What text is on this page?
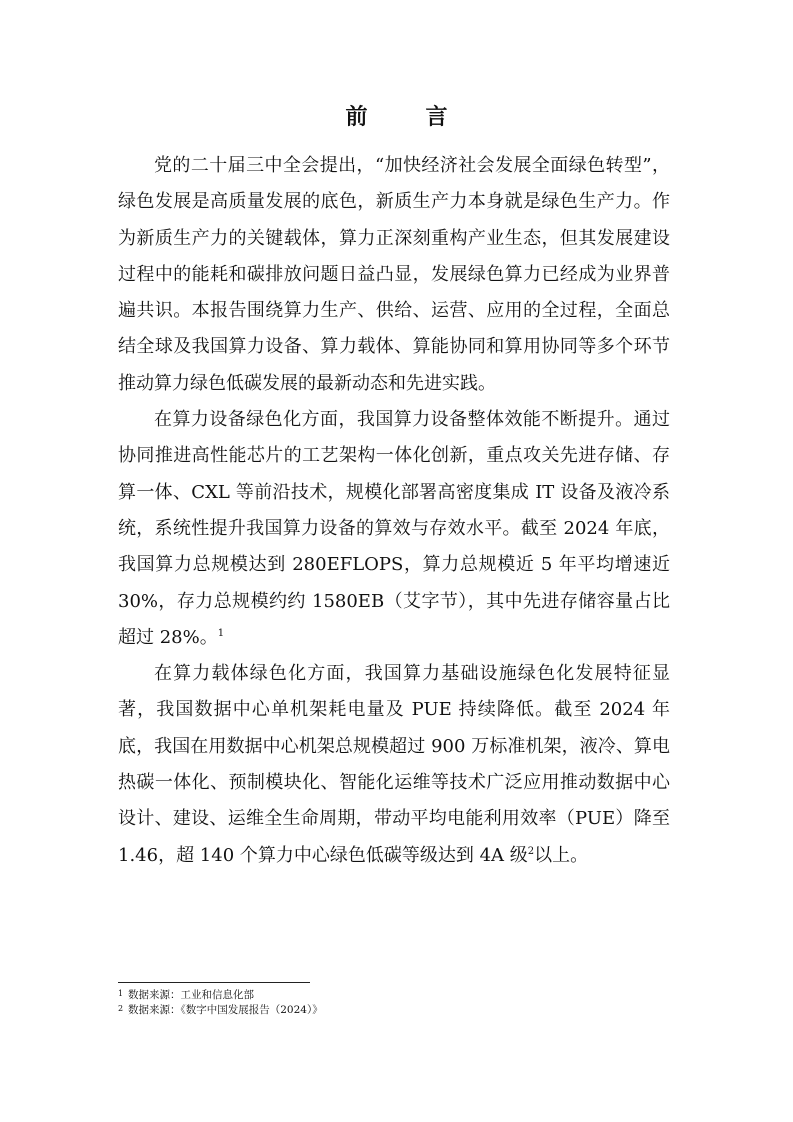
前　言

党的二十届三中全会提出，“加快经济社会发展全面绿色转型”，绿色发展是高质量发展的底色，新质生产力本身就是绿色生产力。作为新质生产力的关键载体，算力正深刻重构产业生态，但其发展建设过程中的能耗和碳排放问题日益凸显，发展绿色算力已经成为业界普遍共识。本报告围绕算力生产、供给、运营、应用的全过程，全面总结全球及我国算力设备、算力载体、算能协同和算用协同等多个环节推动算力绿色低碳发展的最新动态和先进实践。

在算力设备绿色化方面，我国算力设备整体效能不断提升。通过协同推进高性能芯片的工艺架构一体化创新，重点攻关先进存储、存算一体、CXL 等前沿技术，规模化部署高密度集成 IT 设备及液冷系统，系统性提升我国算力设备的算效与存效水平。截至 2024 年底，我国算力总规模达到 280EFLOPS，算力总规模近 5 年平均增速近 30%，存力总规模约约 1580EB（艾字节），其中先进存储容量占比超过 28%。$^1$

在算力载体绿色化方面，我国算力基础设施绿色化发展特征显著，我国数据中心单机架耗电量及 PUE 持续降低。截至 2024 年底，我国在用数据中心机架总规模超过 900 万标准机架，液冷、算电热碳一体化、预制模块化、智能化运维等技术广泛应用推动数据中心设计、建设、运维全生命周期，带动平均电能利用效率（PUE）降至 1.46，超 140 个算力中心绿色低碳等级达到 4A 级$^2$以上。

1 数据来源：工业和信息化部
2 数据来源：《数字中国发展报告（2024）》
